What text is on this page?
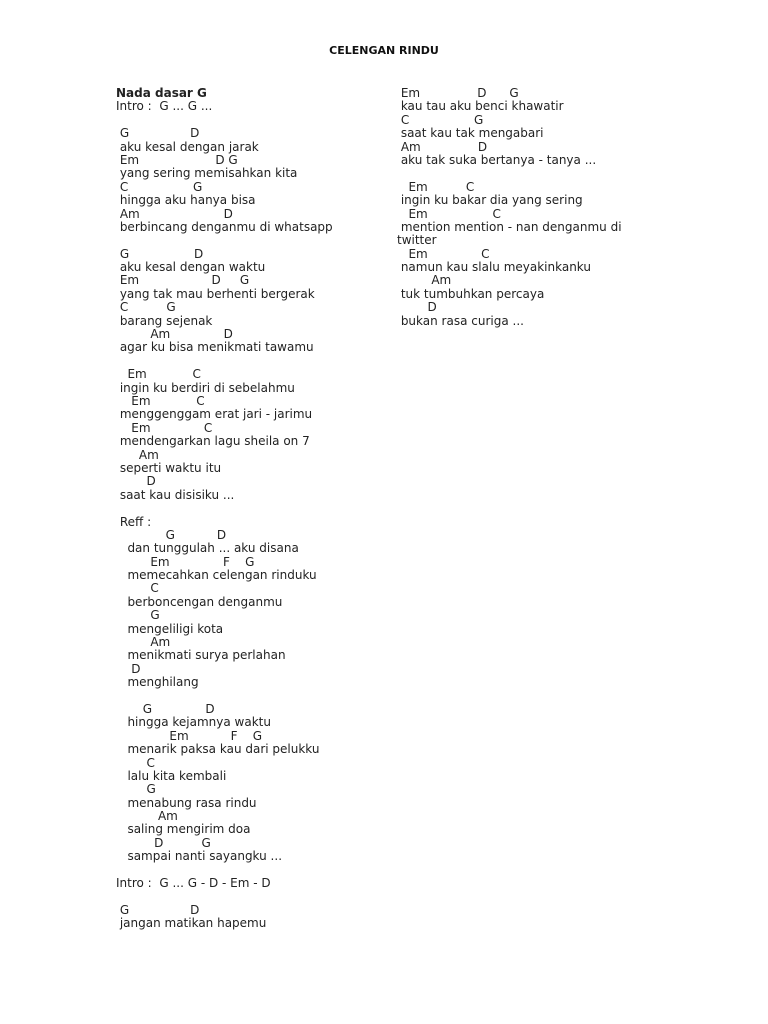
CELENGAN RINDU
Nada dasar G
Intro :  G ... G ...
G                D
aku kesal dengan jarak
Em                    D G
yang sering memisahkan kita
C                 G
hingga aku hanya bisa
Am                      D
berbincang denganmu di whatsapp
G                 D
aku kesal dengan waktu
Em                   D     G
yang tak mau berhenti bergerak
C          G
barang sejenak
Am              D
agar ku bisa menikmati tawamu
Em            C
ingin ku berdiri di sebelahmu
Em            C
menggenggam erat jari - jarimu
Em              C
mendengarkan lagu sheila on 7
Am
seperti waktu itu
D
saat kau disisiku ...
Reff :
G           D
dan tunggulah ... aku disana
Em              F    G
memecahkan celengan rinduku
C
berboncengan denganmu
G
mengeliligi kota
Am
menikmati surya perlahan
D
menghilang
G              D
hingga kejamnya waktu
Em           F    G
menarik paksa kau dari pelukku
C
lalu kita kembali
G
menabung rasa rindu
Am
saling mengirim doa
D          G
sampai nanti sayangku ...
Intro :  G ... G - D - Em - D
G                D
jangan matikan hapemu
Em               D      G
kau tau aku benci khawatir
C                 G
saat kau tak mengabari
Am               D
aku tak suka bertanya - tanya ...
Em          C
ingin ku bakar dia yang sering
Em                 C
mention mention - nan denganmu di
twitter
Em              C
namun kau slalu meyakinkanku
Am
tuk tumbuhkan percaya
D
bukan rasa curiga ...
